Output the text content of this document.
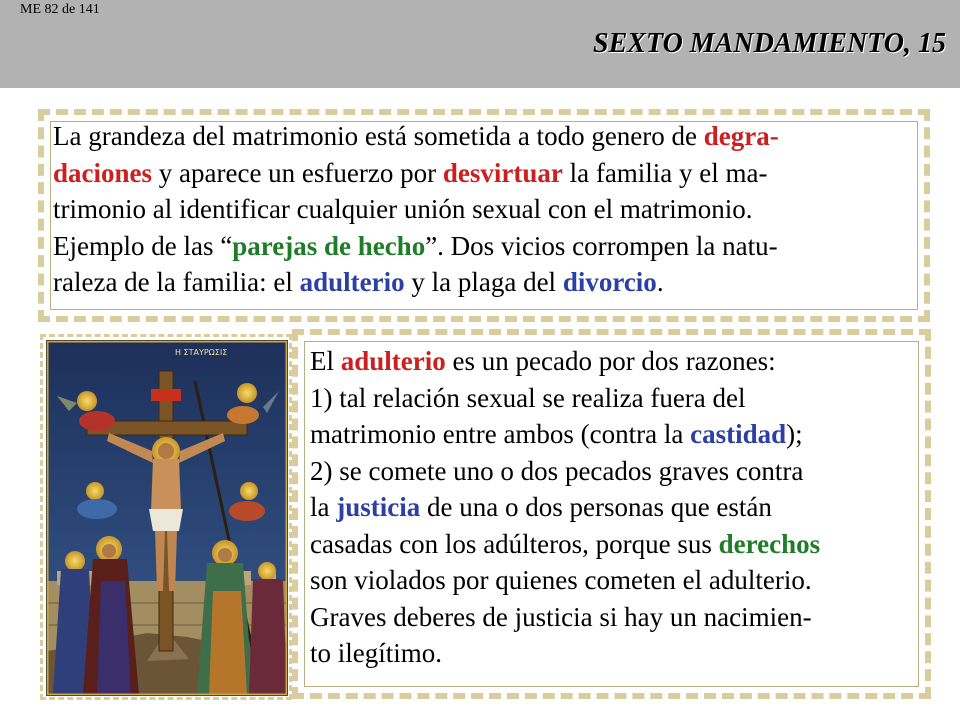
ME 82 de 141
SEXTO MANDAMIENTO, 15
La grandeza del matrimonio está sometida a todo genero de degra-
daciones y aparece un esfuerzo por desvirtuar la familia y el ma-
trimonio al identificar cualquier unión sexual con el matrimonio.
Ejemplo de las “parejas de hecho”. Dos vicios corrompen la natu-
raleza de la familia: el adulterio y la plaga del divorcio.
Η ΣΤΑΥΡΩΣΙΣ	El adulterio es un pecado por dos razones:
1) tal relación sexual se realiza fuera del
matrimonio entre ambos (contra la castidad);
2) se comete uno o dos pecados graves contra
la justicia de una o dos personas que están
casadas con los adúlteros, porque sus derechos
son violados por quienes cometen el adulterio.
Graves deberes de justicia si hay un nacimien-
to ilegítimo.
